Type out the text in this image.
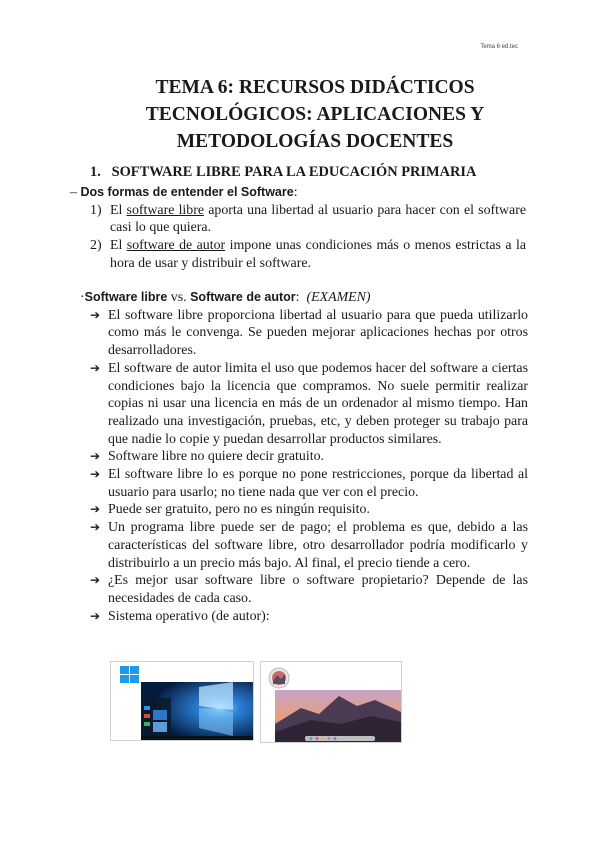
Tema 6 ed.tec
TEMA 6: RECURSOS DIDÁCTICOS
TECNOLÓGICOS: APLICACIONES Y
METODOLOGÍAS DOCENTES
1. SOFTWARE LIBRE PARA LA EDUCACIÓN PRIMARIA
– Dos formas de entender el Software:
1) El software libre aporta una libertad al usuario para hacer con el software casi lo que quiera.
2) El software de autor impone unas condiciones más o menos estrictas a la hora de usar y distribuir el software.
·Software libre vs. Software de autor: (EXAMEN)
➔ El software libre proporciona libertad al usuario para que pueda utilizarlo como más le convenga. Se pueden mejorar aplicaciones hechas por otros desarrolladores.
➔ El software de autor limita el uso que podemos hacer del software a ciertas condiciones bajo la licencia que compramos. No suele permitir realizar copias ni usar una licencia en más de un ordenador al mismo tiempo. Han realizado una investigación, pruebas, etc, y deben proteger su trabajo para que nadie lo copie y puedan desarrollar productos similares.
➔ Software libre no quiere decir gratuito.
➔ El software libre lo es porque no pone restricciones, porque da libertad al usuario para usarlo; no tiene nada que ver con el precio.
➔ Puede ser gratuito, pero no es ningún requisito.
➔ Un programa libre puede ser de pago; el problema es que, debido a las características del software libre, otro desarrollador podría modificarlo y distribuirlo a un precio más bajo. Al final, el precio tiende a cero.
➔ ¿Es mejor usar software libre o software propietario? Depende de las necesidades de cada caso.
➔ Sistema operativo (de autor):
